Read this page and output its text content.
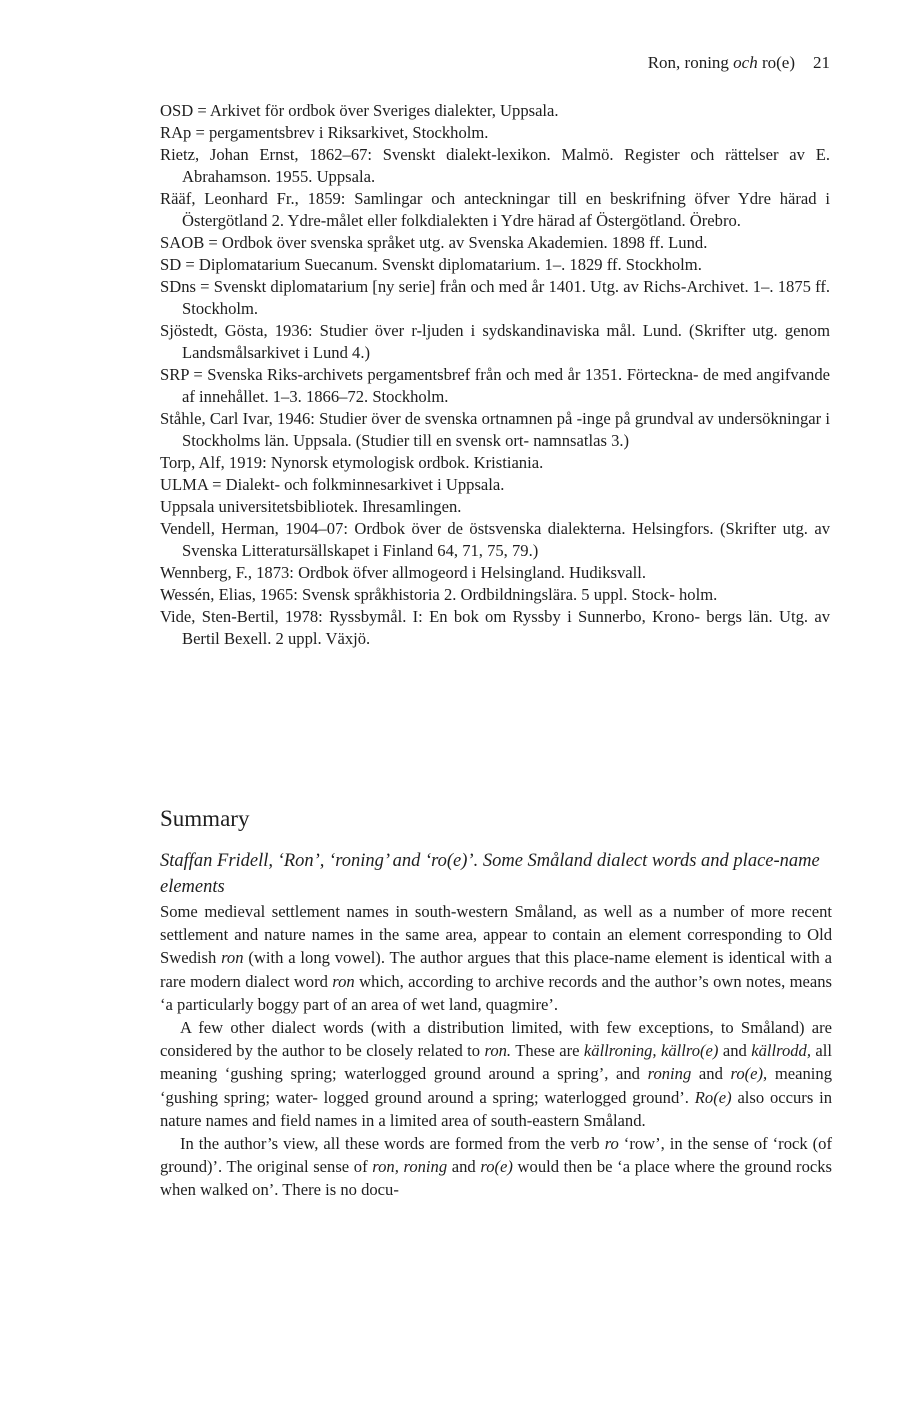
Ron, roning och ro(e) 21
OSD = Arkivet för ordbok över Sveriges dialekter, Uppsala.
RAp = pergamentsbrev i Riksarkivet, Stockholm.
Rietz, Johan Ernst, 1862–67: Svenskt dialekt-lexikon. Malmö. Register och rättelser av E. Abrahamson. 1955. Uppsala.
Rääf, Leonhard Fr., 1859: Samlingar och anteckningar till en beskrifning öfver Ydre härad i Östergötland 2. Ydre-målet eller folkdialekten i Ydre härad af Östergötland. Örebro.
SAOB = Ordbok över svenska språket utg. av Svenska Akademien. 1898 ff. Lund.
SD = Diplomatarium Suecanum. Svenskt diplomatarium. 1–. 1829 ff. Stockholm.
SDns = Svenskt diplomatarium [ny serie] från och med år 1401. Utg. av Richs-Archivet. 1–. 1875 ff. Stockholm.
Sjöstedt, Gösta, 1936: Studier över r-ljuden i sydskandinaviska mål. Lund. (Skrifter utg. genom Landsmålsarkivet i Lund 4.)
SRP = Svenska Riks-archivets pergamentsbref från och med år 1351. Förteckna- de med angifvande af innehållet. 1–3. 1866–72. Stockholm.
Ståhle, Carl Ivar, 1946: Studier över de svenska ortnamnen på -inge på grundval av undersökningar i Stockholms län. Uppsala. (Studier till en svensk ort- namnsatlas 3.)
Torp, Alf, 1919: Nynorsk etymologisk ordbok. Kristiania.
ULMA = Dialekt- och folkminnesarkivet i Uppsala.
Uppsala universitetsbibliotek. Ihresamlingen.
Vendell, Herman, 1904–07: Ordbok över de östsvenska dialekterna. Helsingfors. (Skrifter utg. av Svenska Litteratursällskapet i Finland 64, 71, 75, 79.)
Wennberg, F., 1873: Ordbok öfver allmogeord i Helsingland. Hudiksvall.
Wessén, Elias, 1965: Svensk språkhistoria 2. Ordbildningslära. 5 uppl. Stock- holm.
Vide, Sten-Bertil, 1978: Ryssbymål. I: En bok om Ryssby i Sunnerbo, Krono- bergs län. Utg. av Bertil Bexell. 2 uppl. Växjö.
Summary

Staffan Fridell, ‘Ron’, ‘roning’ and ‘ro(e)’. Some Småland dialect words and place-name elements

Some medieval settlement names in south-western Småland, as well as a number of more recent settlement and nature names in the same area, appear to contain an element corresponding to Old Swedish ron (with a long vowel). The author argues that this place-name element is identical with a rare modern dialect word ron which, according to archive records and the author’s own notes, means ‘a particularly boggy part of an area of wet land, quagmire’.

A few other dialect words (with a distribution limited, with few exceptions, to Småland) are considered by the author to be closely related to ron. These are källroning, källro(e) and källrodd, all meaning ‘gushing spring; waterlogged ground around a spring’, and roning and ro(e), meaning ‘gushing spring; water- logged ground around a spring; waterlogged ground’. Ro(e) also occurs in nature names and field names in a limited area of south-eastern Småland.

In the author’s view, all these words are formed from the verb ro ‘row’, in the sense of ‘rock (of ground)’. The original sense of ron, roning and ro(e) would then be ‘a place where the ground rocks when walked on’. There is no docu-
